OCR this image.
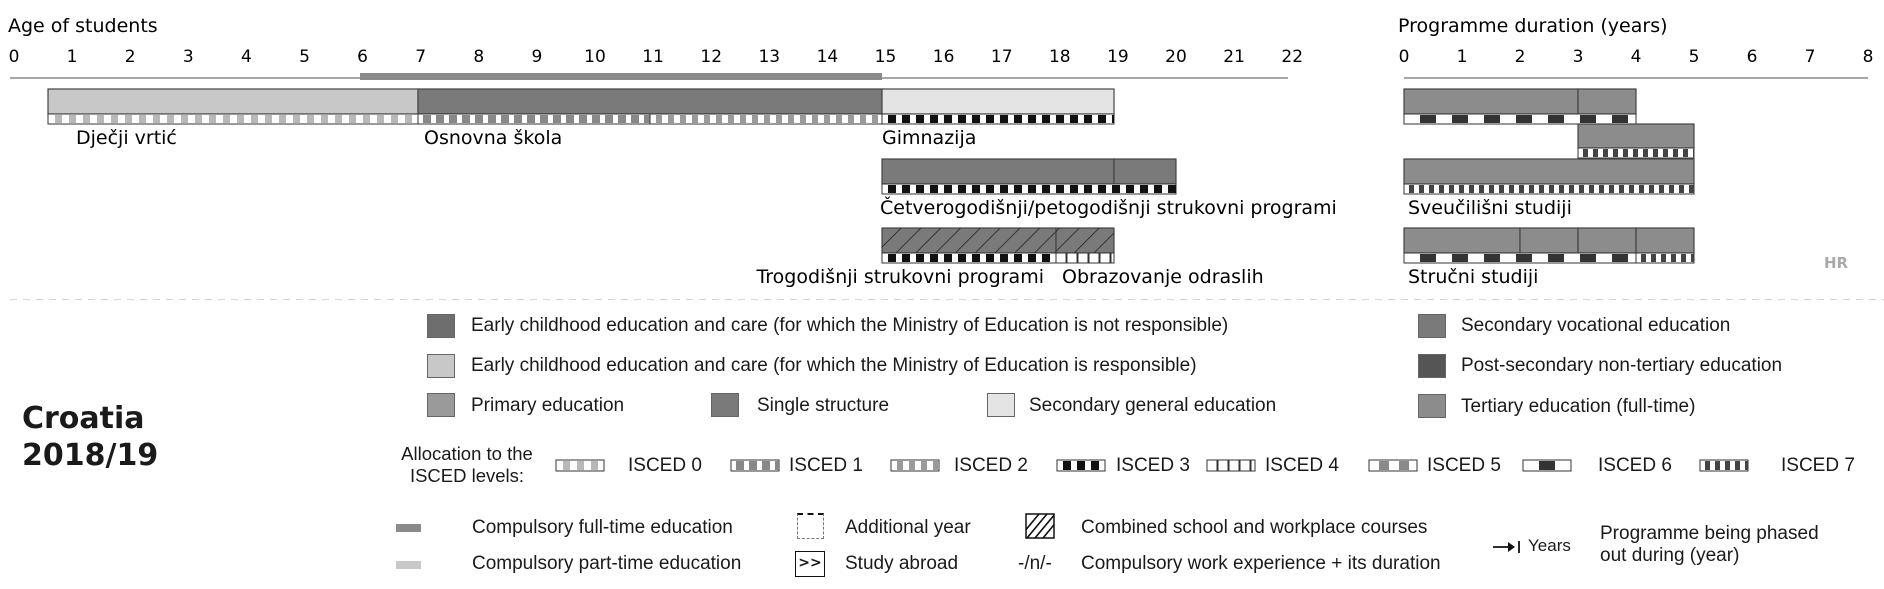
Age of students
0	1	2	3	4	5	6	7	8	9 10 11 12 13 14 15 16 17 18 19 20 21 22
Programme duration (years)
0	1	2	3	4	5	6	7	8
Dječji vrtić	Osnovna škola	Gimnazija
Četverogodišnji/petogodišnji strukovni programi
Trogodišnji strukovni programi Obrazovanje odraslih
Sveučilišni studiji
Stručni studiji
HR
Croatia
2018/19
Early childhood education and care (for which the Ministry of Education is not responsible)
Early childhood education and care (for which the Ministry of Education is responsible)
Primary education	Single structure	Secondary general education
Secondary vocational education
Post-secondary non-tertiary education
Tertiary education (full-time)
Allocation to the ISCED levels:	ISCED 0	ISCED 1	ISCED 2	ISCED 3	ISCED 4	ISCED 5	ISCED 6	ISCED 7
Compulsory full-time education
Compulsory part-time education
Additional year
>> Study abroad
Combined school and workplace courses
-/n/- Compulsory work experience + its duration
Years
Programme being phased out during (year)
